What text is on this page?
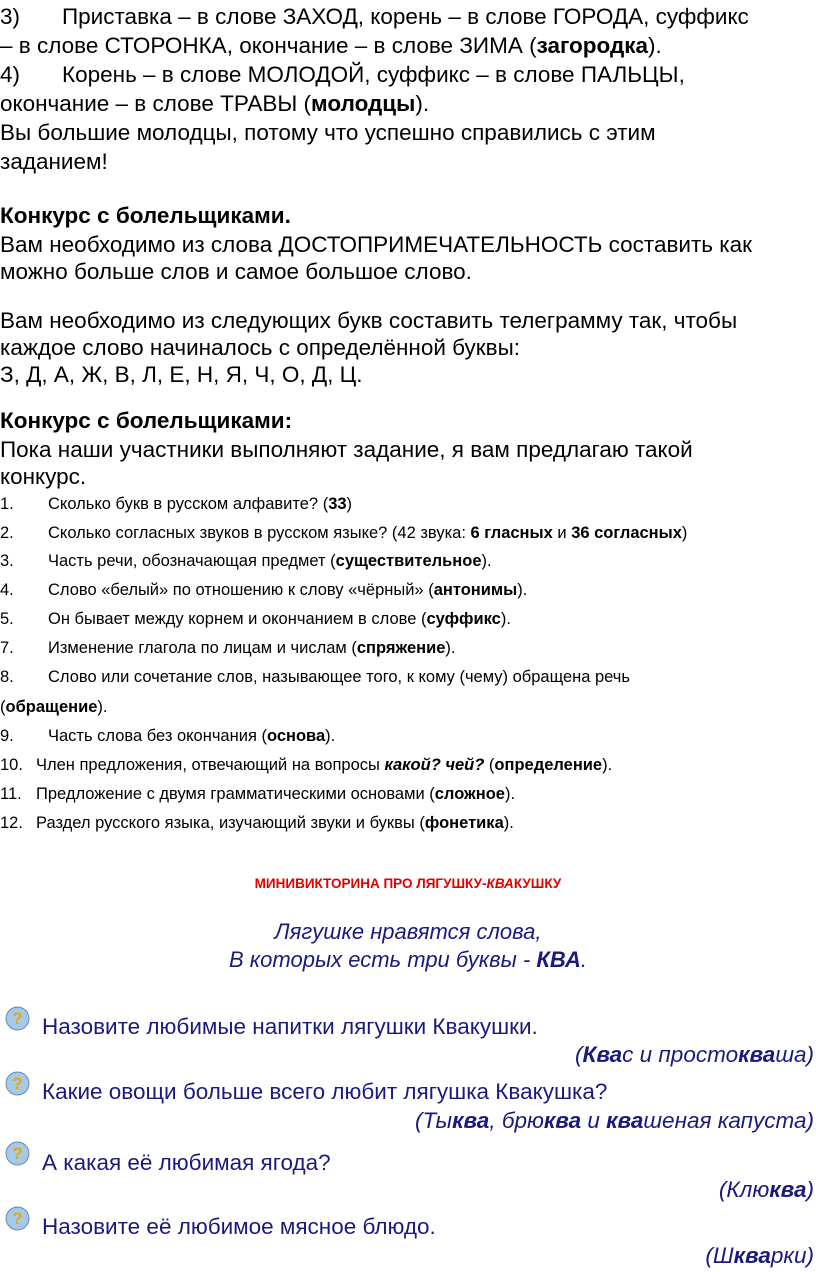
3) Приставка – в слове ЗАХОД, корень – в слове ГОРОДА, суффикс
– в слове СТОРОНКА, окончание – в слове ЗИМА (загородка).
4) Корень – в слове МОЛОДОЙ, суффикс – в слове ПАЛЬЦЫ,
окончание – в слове ТРАВЫ (молодцы).
Вы большие молодцы, потому что успешно справились с этим
заданием!
Конкурс с болельщиками.
Вам необходимо из слова ДОСТОПРИМЕЧАТЕЛЬНОСТЬ составить как
можно больше слов и самое большое слово.
Вам необходимо из следующих букв составить телеграмму так, чтобы
каждое слово начиналось с определённой буквы:
З, Д, А, Ж, В, Л, Е, Н, Я, Ч, О, Д, Ц.
Конкурс с болельщиками:
Пока наши участники выполняют задание, я вам предлагаю такой
конкурс.
1. Сколько букв в русском алфавите? (33)
2. Сколько согласных звуков в русском языке? (42 звука: 6 гласных и 36 согласных)
3. Часть речи, обозначающая предмет (существительное).
4. Слово «белый» по отношению к слову «чёрный» (антонимы).
5. Он бывает между корнем и окончанием в слове (суффикс).
7. Изменение глагола по лицам и числам (спряжение).
8. Слово или сочетание слов, называющее того, к кому (чему) обращена речь
(обращение).
9. Часть слова без окончания (основа).
10. Член предложения, отвечающий на вопросы какой? чей? (определение).
11. Предложение с двумя грамматическими основами (сложное).
12. Раздел русского языка, изучающий звуки и буквы (фонетика).
МИНИВИКТОРИНА ПРО ЛЯГУШКУ-КВАКУШКУ
Лягушке нравятся слова,
В которых есть три буквы - КВА.
? Назовите любимые напитки лягушки Квакушки.
(Квас и простокваша)
? Какие овощи больше всего любит лягушка Квакушка?
(Тыква, брюква и квашеная капуста)
? А какая её любимая ягода?
(Клюква)
? Назовите её любимое мясное блюдо.
(Шкварки)
